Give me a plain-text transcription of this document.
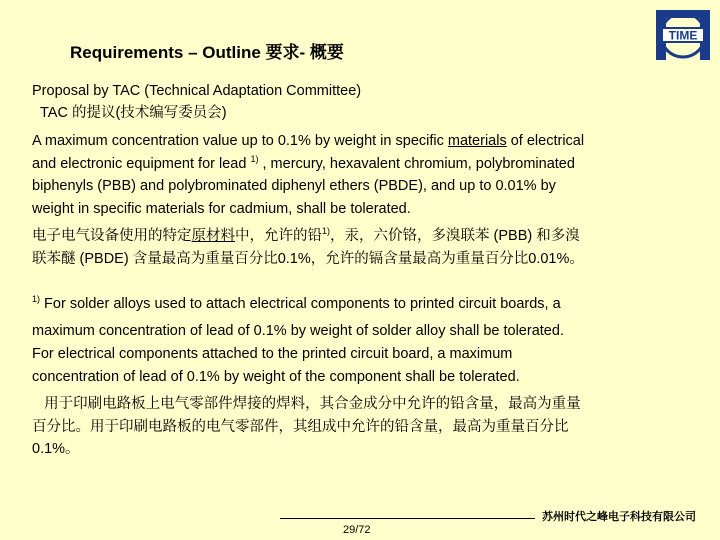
Requirements – Outline 要求- 概要
TIME
Proposal by TAC (Technical Adaptation Committee)
TAC 的提议(技术编写委员会)
A maximum concentration value up to 0.1% by weight in specific materials of electrical
and electronic equipment for lead $^{1)}$ , mercury, hexavalent chromium, polybrominated
biphenyls (PBB) and polybrominated diphenyl ethers (PBDE), and up to 0.01% by
weight in specific materials for cadmium, shall be tolerated.
电子电气设备使用的特定原材料中，允许的铅$^{1)}$，汞，六价铬，多溴联苯 (PBB) 和多溴
联苯醚 (PBDE) 含量最高为重量百分比0.1%，允许的镉含量最高为重量百分比0.01%。
$^{1)}$ For solder alloys used to attach electrical components to printed circuit boards, a
maximum concentration of lead of 0.1% by weight of solder alloy shall be tolerated.
For electrical components attached to the printed circuit board, a maximum
concentration of lead of 0.1% by weight of the component shall be tolerated.
用于印刷电路板上电气零部件焊接的焊料，其合金成分中允许的铅含量，最高为重量
百分比。用于印刷电路板的电气零部件，其组成中允许的铅含量，最高为重量百分比
0.1%。
苏州时代之峰电子科技有限公司
29/72
